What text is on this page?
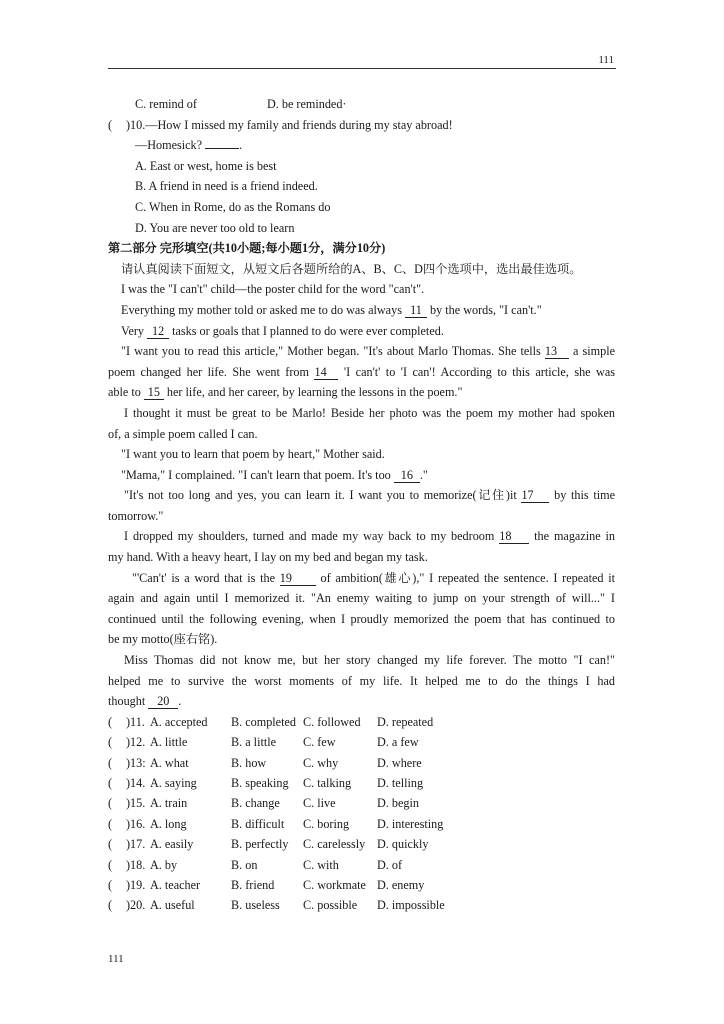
111
C. remind of	D. be reminded·
( )10.—How I missed my family and friends during my stay abroad!
—Homesick?	.
A. East or west, home is best
B. A friend in need is a friend indeed.
C. When in Rome, do as the Romans do
D. You are never too old to learn
第二部分 完形填空(共10小题;每小题1分，满分10分)
请认真阅读下面短文，从短文后各题所给的A、B、C、D四个选项中，选出最佳选项。
I was the "I can't" child—the poster child for the word "can't".
Everything my mother told or asked me to do was always 11 by the words, "I can't."
Very 12 tasks or goals that I planned to do were ever completed.
"I want you to read this article," Mother began. "It's about Marlo Thomas. She tells 13 a simple
poem changed her life. She went from 14 'I can't' to 'I can'! According to this article, she was
able to 15 her life, and her career, by learning the lessons in the poem."
I thought it must be great to be Marlo! Beside her photo was the poem my mother had spoken
of, a simple poem called I can.
"I want you to learn that poem by heart," Mother said.
"Mama," I complained. "I can't learn that poem. It's too 16 ."
"It's not too long and yes, you can learn it. I want you to memorize(记住)it 17 by this time
tomorrow."
I dropped my shoulders, turned and made my way back to my bedroom 18 the magazine in
my hand. With a heavy heart, I lay on my bed and began my task.
"'Can't' is a word that is the 19 of ambition(雄心)," I repeated the sentence. I repeated it
again and again until I memorized it. "An enemy waiting to jump on your strength of will..." I
continued until the following evening, when I proudly memorized the poem that has continued to
be my motto(座右铭).
Miss Thomas did not know me, but her story changed my life forever. The motto "I can!"
helped me to survive the worst moments of my life. It helped me to do the things I had
thought 20 .
( )11. A. accepted B. completed C. followed D. repeated
( )12. A. little	B. a little C. few	D. a few
( )13: A. what	B. how	C. why	D. where
( )14. A. saying	B. speaking C. talking D. telling
( )15. A. train	B. change C. live	D. begin
( )16. A. long	B. difficult C. boring D. interesting
( )17. A. easily	B. perfectly C. carelessly D. quickly
( )18. A. by	B. on	C. with	D. of
( )19. A. teacher	B. friend C. workmate D. enemy
( )20. A. useful	B. useless C. possible D. impossible
111
